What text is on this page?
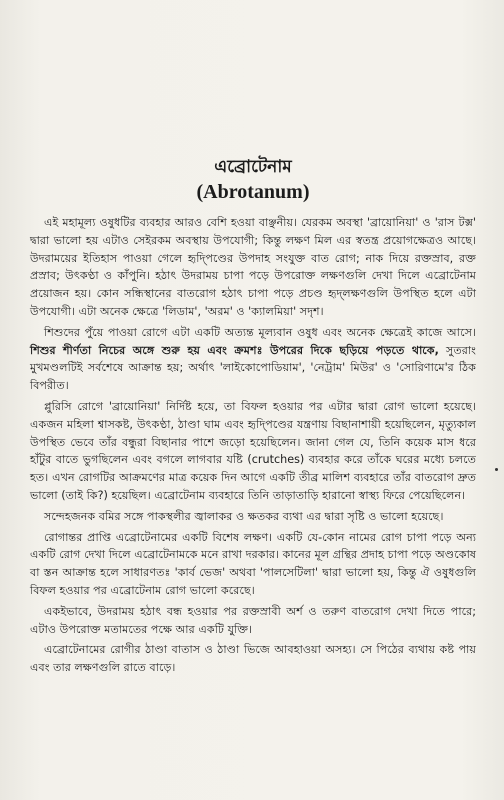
এব্রোটেনাম
(Abrotanum)

এই মহামূল্য ওষুধটির ব্যবহার আরও বেশি হওয়া বাঞ্ছনীয়। যেরকম অবস্থা 'ব্রায়োনিয়া' ও 'রাস টক্স' দ্বারা ভালো হয় এটাও সেইরকম অবস্থায় উপযোগী; কিন্তু লক্ষণ মিল এর স্বতন্ত্র প্রয়োগক্ষেত্রও আছে। উদরাময়ের ইতিহাস পাওয়া গেলে হৃদ্পিণ্ডের উপদাহ সংযুক্ত বাত রোগ; নাক দিয়ে রক্তস্রাব, রক্ত প্রস্রাব; উৎকণ্ঠা ও কাঁপুনি। হঠাৎ উদরাময় চাপা পড়ে উপরোক্ত লক্ষণগুলি দেখা দিলে এব্রোটেনাম প্রয়োজন হয়। কোন সন্ধিস্থানের বাতরোগ হঠাৎ চাপা পড়ে প্রচণ্ড হৃদ্লক্ষণগুলি উপস্থিত হলে এটা উপযোগী। এটা অনেক ক্ষেত্রে 'লিডাম', 'অরম' ও 'ক্যালমিয়া' সদৃশ।

শিশুদের পুঁয়ে পাওয়া রোগে এটা একটি অত্যন্ত মূল্যবান ওষুধ এবং অনেক ক্ষেত্রেই কাজে আসে। শিশুর শীর্ণতা নিচের অঙ্গে শুরু হয় এবং ক্রমশঃ উপরের দিকে ছড়িয়ে পড়তে থাকে, সুতরাং মুখমণ্ডলটিই সর্বশেষে আক্রান্ত হয়; অর্থাৎ 'লাইকোপোডিয়াম', 'নেট্রাম' মিউর' ও 'সোরিণামে'র ঠিক বিপরীত।

প্লুরিসি রোগে 'ব্রায়োনিয়া' নির্দিষ্ট হয়ে, তা বিফল হওয়ার পর এটার দ্বারা রোগ ভালো হয়েছে। একজন মহিলা শ্বাসকষ্ট, উৎকণ্ঠা, ঠাণ্ডা ঘাম এবং হৃদ্পিণ্ডের যন্ত্রণায় বিছানাশায়ী হয়েছিলেন, মৃত্যুকাল উপস্থিত ভেবে তাঁর বন্ধুরা বিছানার পাশে জড়ো হয়েছিলেন। জানা গেল যে, তিনি কয়েক মাস ধরে হাঁটুর বাতে ভুগছিলেন এবং বগলে লাগবার যষ্টি (crutches) ব্যবহার করে তাঁকে ঘরের মধ্যে চলতে হত। এখন রোগটির আক্রমণের মাত্র কয়েক দিন আগে একটি তীব্র মালিশ ব্যবহারে তাঁর বাতরোগ দ্রুত ভালো (তাই কি?) হয়েছিল। এব্রোটেনাম ব্যবহারে তিনি তাড়াতাড়ি হারানো স্বাস্থ্য ফিরে পেয়েছিলেন।

সন্দেহজনক বমির সঙ্গে পাকস্থলীর জ্বালাকর ও ক্ষতকর ব্যথা এর দ্বারা সৃষ্টি ও ভালো হয়েছে।

রোগান্তর প্রাপ্তি এব্রোটেনামের একটি বিশেষ লক্ষণ। একটি যে-কোন নামের রোগ চাপা পড়ে অন্য একটি রোগ দেখা দিলে এব্রোটেনামকে মনে রাখা দরকার। কানের মূল গ্রন্থির প্রদাহ চাপা পড়ে অণ্ডকোষ বা স্তন আক্রান্ত হলে সাধারণতঃ 'কার্ব ভেজ' অথবা 'পালসেটিলা' দ্বারা ভালো হয়, কিন্তু ঐ ওষুধগুলি বিফল হওয়ার পর এব্রোটেনাম রোগ ভালো করেছে।

একইভাবে, উদরাময় হঠাৎ বন্ধ হওয়ার পর রক্তস্রাবী অর্শ ও তরুণ বাতরোগ দেখা দিতে পারে; এটাও উপরোক্ত মতামতের পক্ষে আর একটি যুক্তি।

এব্রোটেনামের রোগীর ঠাণ্ডা বাতাস ও ঠাণ্ডা ভিজে আবহাওয়া অসহ্য। সে পিঠের ব্যথায় কষ্ট পায় এবং তার লক্ষণগুলি রাতে বাড়ে।
